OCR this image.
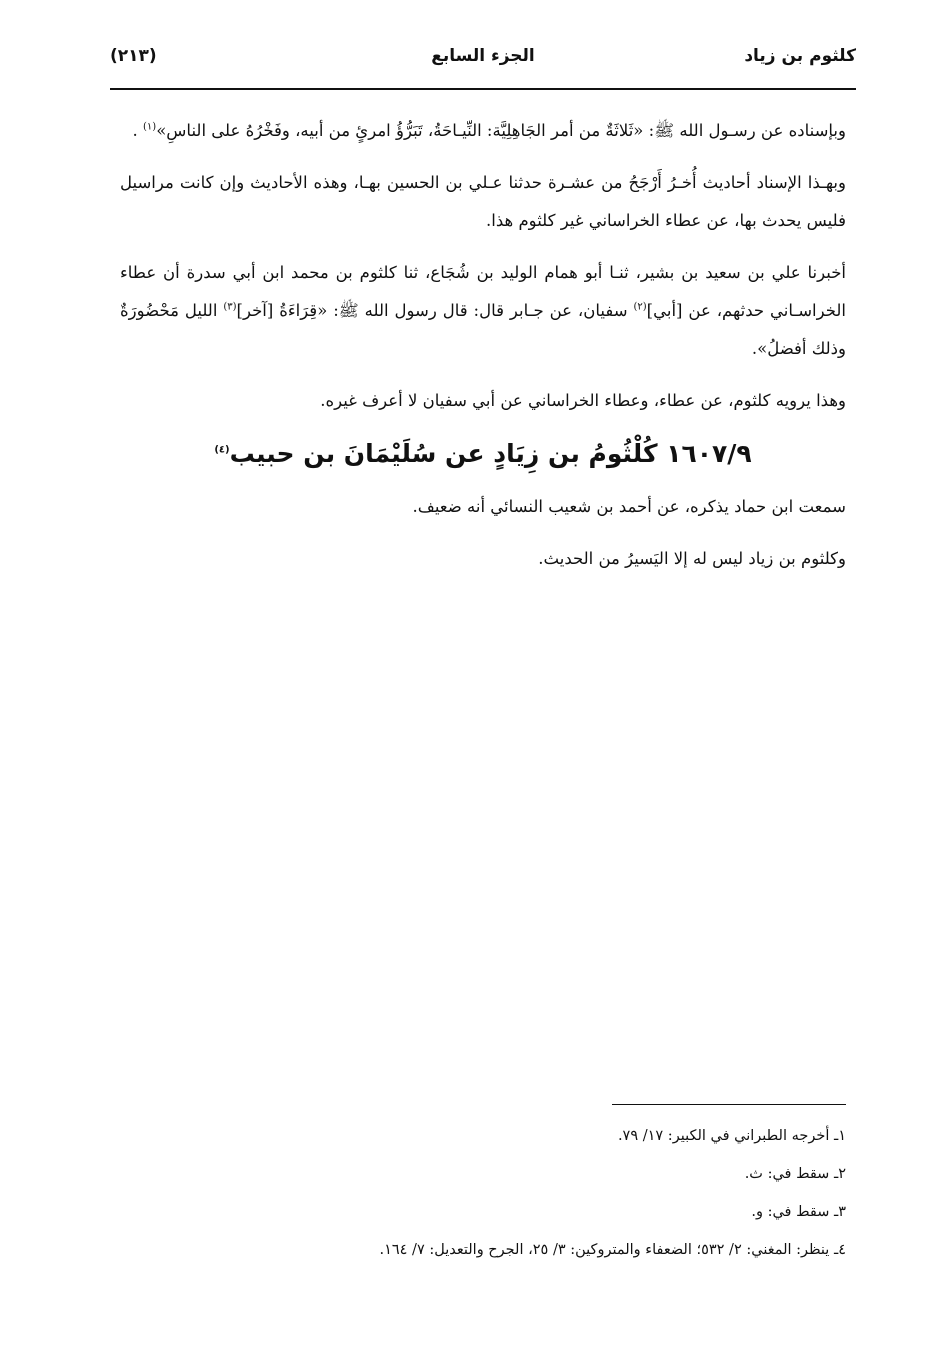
كلثوم بن زياد
الجزء السابع
(٢١٣)

وبإسناده عن رسـول الله ﷺ: «ثَلاثَةٌ من أمر الجَاهِلِيَّة: النِّيـاحَةُ، تَبَرُّؤُ امرئٍ من أبيه، وفَخْرُهُ على الناسِ»$^{(١)}$ .

وبهـذا الإسناد أحاديث أُخـرُ أَرْجَحُ من عشـرة حدثنا عـلي بن الحسين بهـا، وهذه الأحاديث وإن كانت مراسيل فليس يحدث بها، عن عطاء الخراساني غير كلثوم هذا.

أخبرنا علي بن سعيد بن بشير، ثنـا أبو همام الوليد بن شُجَاع، ثنا كلثوم بن محمد ابن أبي سدرة أن عطاء الخراسـاني حدثهم، عن [أبي]$^{(٢)}$ سفيان، عن جـابر قال: قال رسول الله ﷺ: «قِرَاءَةُ [آخر]$^{(٣)}$ الليل مَحْضُورَةٌ وذلك أفضلُ».

وهذا يرويه كلثوم، عن عطاء، وعطاء الخراساني عن أبي سفيان لا أعرف غيره.

١٦٠٧/٩ كُلْثُومُ بن زِيَادٍ عن سُلَيْمَانَ بن حبيب$^{(٤)}$

سمعت ابن حماد يذكره، عن أحمد بن شعيب النسائي أنه ضعيف.

وكلثوم بن زياد ليس له إلا اليَسيرُ من الحديث.

١ـ أخرجه الطبراني في الكبير: ١٧/ ٧٩.
٢ـ سقط في: ث.
٣ـ سقط في: و.
٤ـ ينظر: المغني: ٢/ ٥٣٢؛ الضعفاء والمتروكين: ٣/ ٢٥، الجرح والتعديل: ٧/ ١٦٤.
